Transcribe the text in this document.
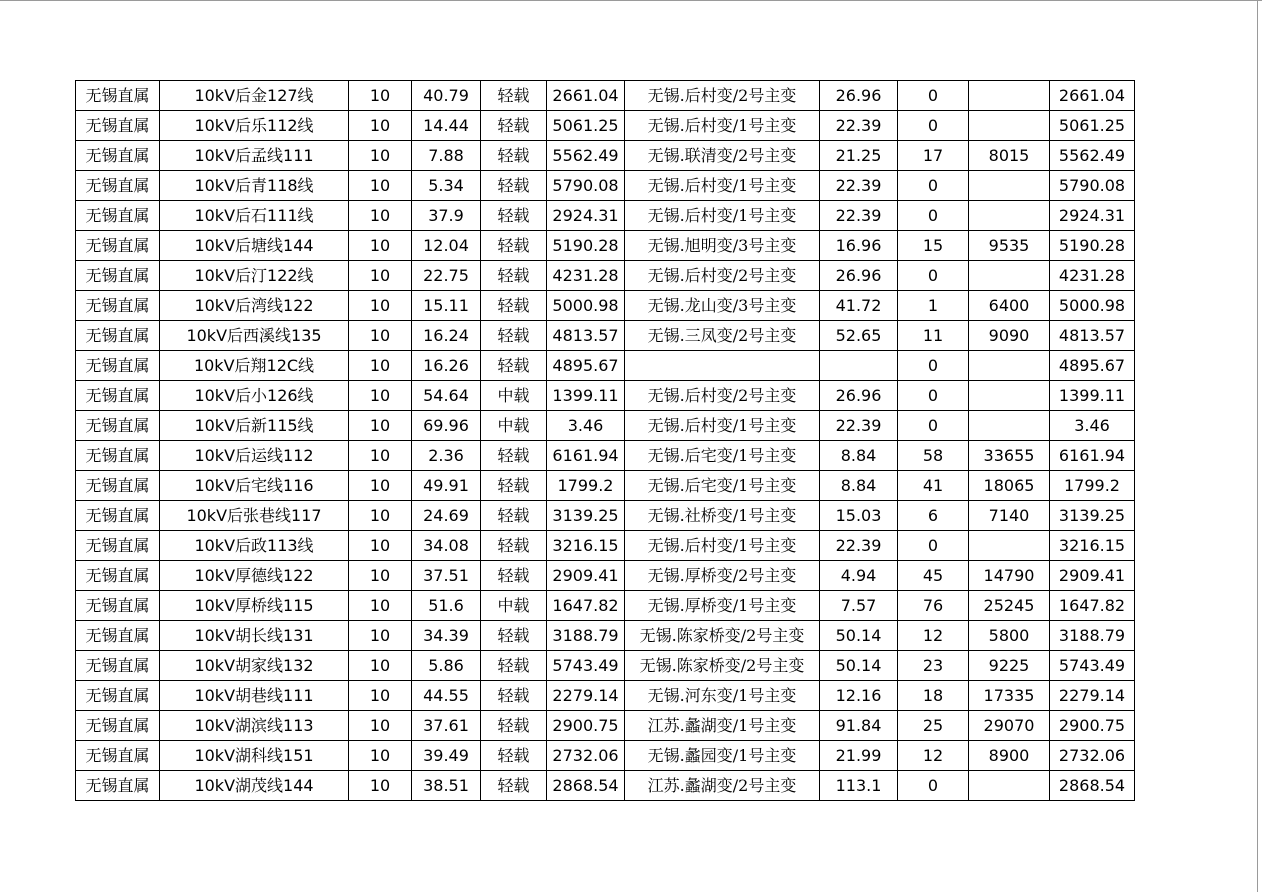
无锡直属	10kV后金127线	10	40.79	轻载	2661.04	无锡.后村变/2号主变	26.96	0		2661.04
无锡直属	10kV后乐112线	10	14.44	轻载	5061.25	无锡.后村变/1号主变	22.39	0		5061.25
无锡直属	10kV后孟线111	10	7.88	轻载	5562.49	无锡.联清变/2号主变	21.25	17	8015	5562.49
无锡直属	10kV后青118线	10	5.34	轻载	5790.08	无锡.后村变/1号主变	22.39	0		5790.08
无锡直属	10kV后石111线	10	37.9	轻载	2924.31	无锡.后村变/1号主变	22.39	0		2924.31
无锡直属	10kV后塘线144	10	12.04	轻载	5190.28	无锡.旭明变/3号主变	16.96	15	9535	5190.28
无锡直属	10kV后汀122线	10	22.75	轻载	4231.28	无锡.后村变/2号主变	26.96	0		4231.28
无锡直属	10kV后湾线122	10	15.11	轻载	5000.98	无锡.龙山变/3号主变	41.72	1	6400	5000.98
无锡直属	10kV后西溪线135	10	16.24	轻载	4813.57	无锡.三凤变/2号主变	52.65	11	9090	4813.57
无锡直属	10kV后翔12C线	10	16.26	轻载	4895.67			0		4895.67
无锡直属	10kV后小126线	10	54.64	中载	1399.11	无锡.后村变/2号主变	26.96	0		1399.11
无锡直属	10kV后新115线	10	69.96	中载	3.46	无锡.后村变/1号主变	22.39	0		3.46
无锡直属	10kV后运线112	10	2.36	轻载	6161.94	无锡.后宅变/1号主变	8.84	58	33655	6161.94
无锡直属	10kV后宅线116	10	49.91	轻载	1799.2	无锡.后宅变/1号主变	8.84	41	18065	1799.2
无锡直属	10kV后张巷线117	10	24.69	轻载	3139.25	无锡.社桥变/1号主变	15.03	6	7140	3139.25
无锡直属	10kV后政113线	10	34.08	轻载	3216.15	无锡.后村变/1号主变	22.39	0		3216.15
无锡直属	10kV厚德线122	10	37.51	轻载	2909.41	无锡.厚桥变/2号主变	4.94	45	14790	2909.41
无锡直属	10kV厚桥线115	10	51.6	中载	1647.82	无锡.厚桥变/1号主变	7.57	76	25245	1647.82
无锡直属	10kV胡长线131	10	34.39	轻载	3188.79	无锡.陈家桥变/2号主变	50.14	12	5800	3188.79
无锡直属	10kV胡家线132	10	5.86	轻载	5743.49	无锡.陈家桥变/2号主变	50.14	23	9225	5743.49
无锡直属	10kV胡巷线111	10	44.55	轻载	2279.14	无锡.河东变/1号主变	12.16	18	17335	2279.14
无锡直属	10kV湖滨线113	10	37.61	轻载	2900.75	江苏.蠡湖变/1号主变	91.84	25	29070	2900.75
无锡直属	10kV湖科线151	10	39.49	轻载	2732.06	无锡.蠡园变/1号主变	21.99	12	8900	2732.06
无锡直属	10kV湖茂线144	10	38.51	轻载	2868.54	江苏.蠡湖变/2号主变	113.1	0		2868.54
